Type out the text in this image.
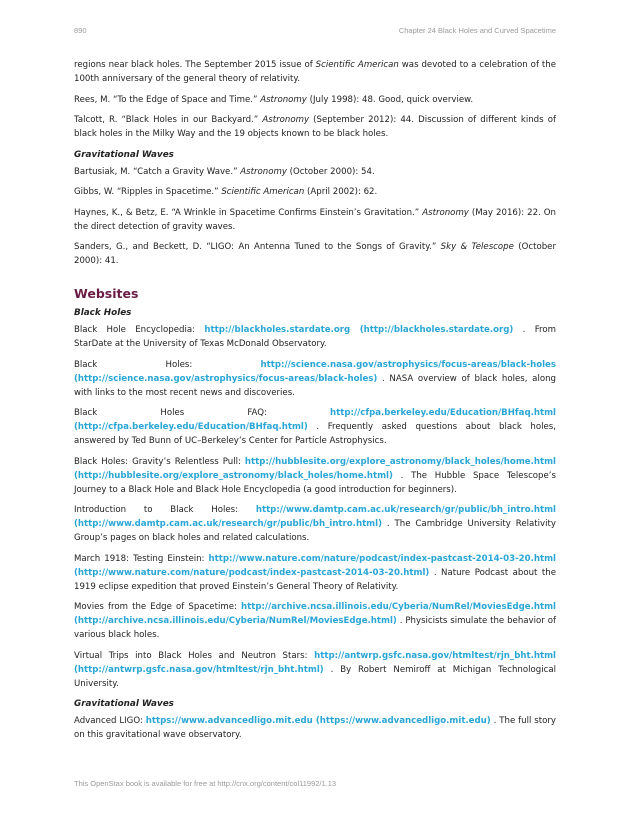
890	Chapter 24 Black Holes and Curved Spacetime

regions near black holes. The September 2015 issue of Scientific American was devoted to a celebration of the 100th anniversary of the general theory of relativity.

Rees, M. “To the Edge of Space and Time.” Astronomy (July 1998): 48. Good, quick overview.

Talcott, R. “Black Holes in our Backyard.” Astronomy (September 2012): 44. Discussion of different kinds of black holes in the Milky Way and the 19 objects known to be black holes.

Gravitational Waves

Bartusiak, M. “Catch a Gravity Wave.” Astronomy (October 2000): 54.

Gibbs, W. “Ripples in Spacetime.” Scientific American (April 2002): 62.

Haynes, K., & Betz, E. “A Wrinkle in Spacetime Confirms Einstein’s Gravitation.” Astronomy (May 2016): 22. On the direct detection of gravity waves.

Sanders, G., and Beckett, D. “LIGO: An Antenna Tuned to the Songs of Gravity.” Sky & Telescope (October 2000): 41.

Websites
Black Holes

Black Hole Encyclopedia: http://blackholes.stardate.org (http://blackholes.stardate.org) . From StarDate at the University of Texas McDonald Observatory.

Black Holes: http://science.nasa.gov/astrophysics/focus-areas/black-holes (http://science.nasa.gov/astrophysics/focus-areas/black-holes) . NASA overview of black holes, along with links to the most recent news and discoveries.

Black Holes FAQ: http://cfpa.berkeley.edu/Education/BHfaq.html (http://cfpa.berkeley.edu/Education/BHfaq.html) . Frequently asked questions about black holes, answered by Ted Bunn of UC–Berkeley’s Center for Particle Astrophysics.

Black Holes: Gravity’s Relentless Pull: http://hubblesite.org/explore_astronomy/black_holes/home.html (http://hubblesite.org/explore_astronomy/black_holes/home.html) . The Hubble Space Telescope’s Journey to a Black Hole and Black Hole Encyclopedia (a good introduction for beginners).

Introduction to Black Holes: http://www.damtp.cam.ac.uk/research/gr/public/bh_intro.html (http://www.damtp.cam.ac.uk/research/gr/public/bh_intro.html) . The Cambridge University Relativity Group’s pages on black holes and related calculations.

March 1918: Testing Einstein: http://www.nature.com/nature/podcast/index-pastcast-2014-03-20.html (http://www.nature.com/nature/podcast/index-pastcast-2014-03-20.html) . Nature Podcast about the 1919 eclipse expedition that proved Einstein’s General Theory of Relativity.

Movies from the Edge of Spacetime: http://archive.ncsa.illinois.edu/Cyberia/NumRel/MoviesEdge.html (http://archive.ncsa.illinois.edu/Cyberia/NumRel/MoviesEdge.html) . Physicists simulate the behavior of various black holes.

Virtual Trips into Black Holes and Neutron Stars: http://antwrp.gsfc.nasa.gov/htmltest/rjn_bht.html (http://antwrp.gsfc.nasa.gov/htmltest/rjn_bht.html) . By Robert Nemiroff at Michigan Technological University.

Gravitational Waves

Advanced LIGO: https://www.advancedligo.mit.edu (https://www.advancedligo.mit.edu) . The full story on this gravitational wave observatory.

This OpenStax book is available for free at http://cnx.org/content/col11992/1.13
